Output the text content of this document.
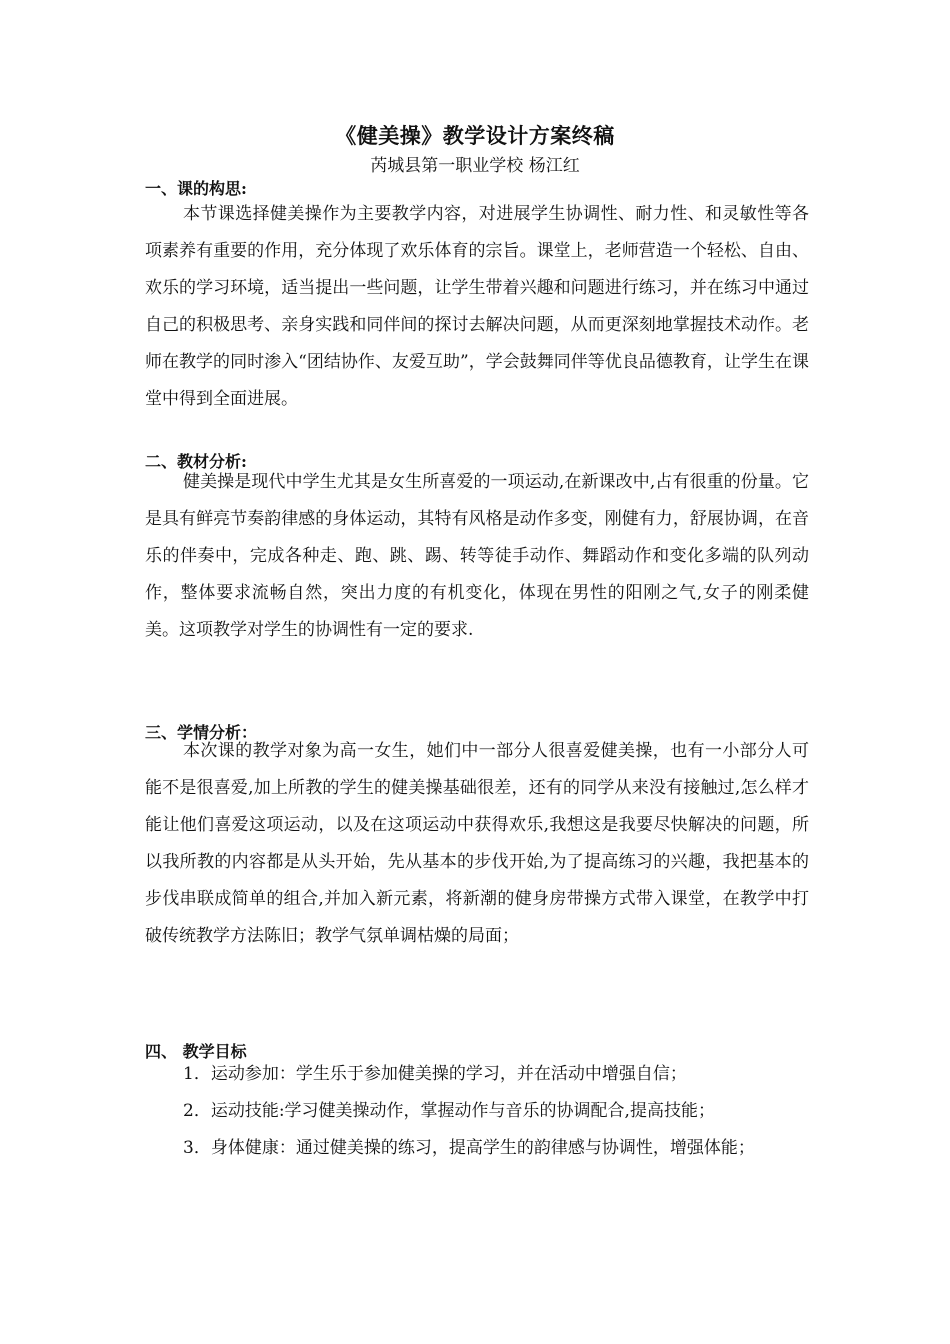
《健美操》教学设计方案终稿
芮城县第一职业学校 杨江红
一、课的构思:

本节课选择健美操作为主要教学内容，对进展学生协调性、耐力性、和灵敏性等各项素养有重要的作用，充分体现了欢乐体育的宗旨。课堂上，老师营造一个轻松、自由、欢乐的学习环境，适当提出一些问题，让学生带着兴趣和问题进行练习，并在练习中通过自己的积极思考、亲身实践和同伴间的探讨去解决问题，从而更深刻地掌握技术动作。老师在教学的同时渗入“团结协作、友爱互助”，学会鼓舞同伴等优良品德教育，让学生在课堂中得到全面进展。

二、教材分析:

健美操是现代中学生尤其是女生所喜爱的一项运动,在新课改中,占有很重的份量。它是具有鲜亮节奏韵律感的身体运动，其特有风格是动作多变，刚健有力，舒展协调，在音乐的伴奏中，完成各种走、跑、跳、踢、转等徒手动作、舞蹈动作和变化多端的队列动作，整体要求流畅自然，突出力度的有机变化，体现在男性的阳刚之气,女子的刚柔健美。这项教学对学生的协调性有一定的要求.

三、学情分析：

本次课的教学对象为高一女生，她们中一部分人很喜爱健美操，也有一小部分人可能不是很喜爱,加上所教的学生的健美操基础很差，还有的同学从来没有接触过,怎么样才能让他们喜爱这项运动，以及在这项运动中获得欢乐,我想这是我要尽快解决的问题，所以我所教的内容都是从头开始，先从基本的步伐开始,为了提高练习的兴趣，我把基本的步伐串联成简单的组合,并加入新元素，将新潮的健身房带操方式带入课堂，在教学中打破传统教学方法陈旧；教学气氛单调枯燥的局面；

四、 教学目标

1．运动参加：学生乐于参加健美操的学习，并在活动中增强自信；

2．运动技能:学习健美操动作，掌握动作与音乐的协调配合,提高技能；

3．身体健康：通过健美操的练习，提高学生的韵律感与协调性，增强体能；
